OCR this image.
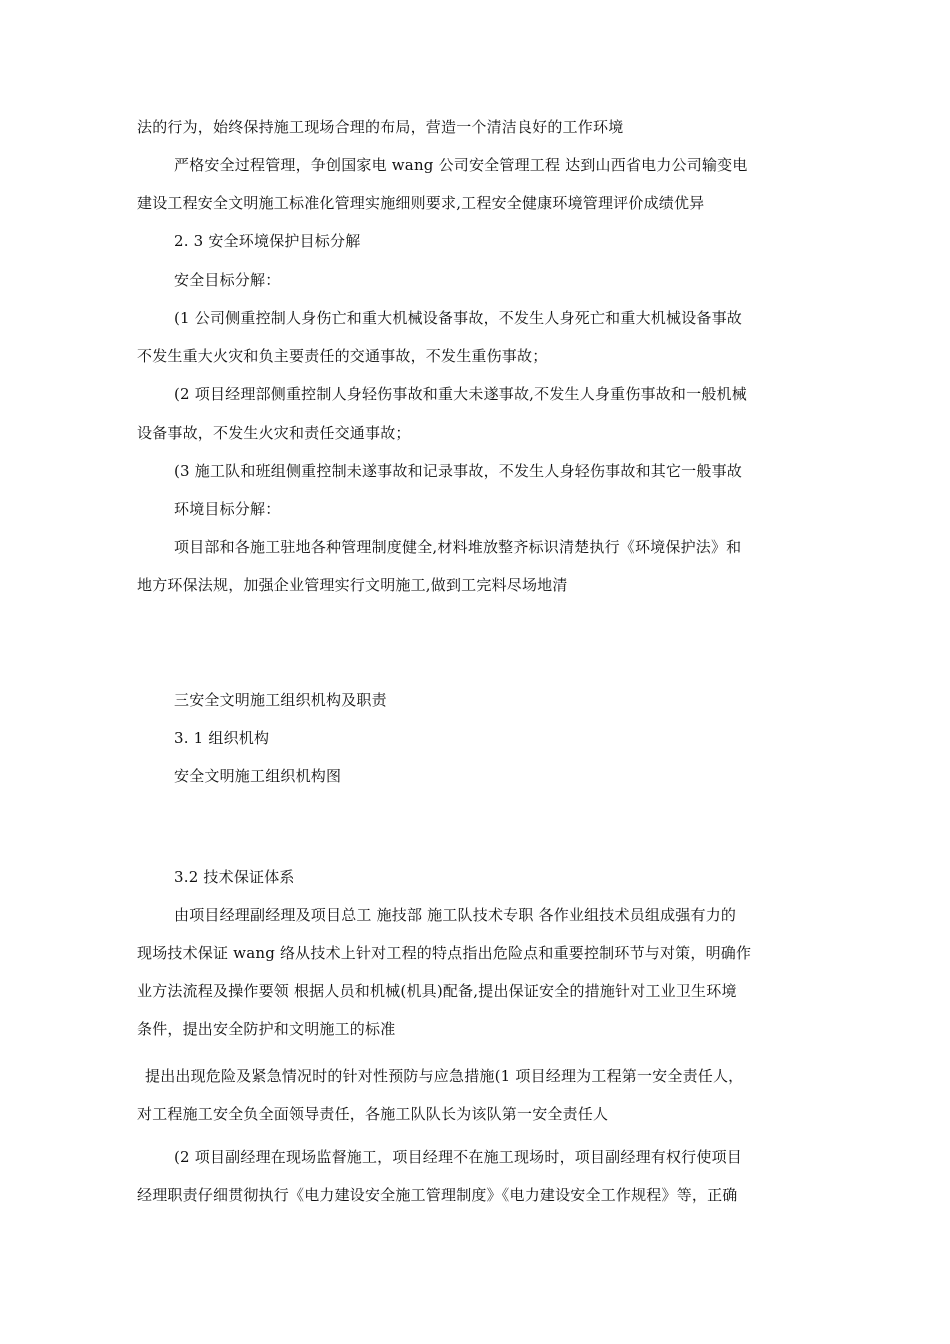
法的行为，始终保持施工现场合理的布局，营造一个清洁良好的工作环境
严格安全过程管理，争创国家电 wang 公司安全管理工程 达到山西省电力公司输变电
建设工程安全文明施工标准化管理实施细则要求,工程安全健康环境管理评价成绩优异
2. 3 安全环境保护目标分解
安全目标分解：
(1 公司侧重控制人身伤亡和重大机械设备事故，不发生人身死亡和重大机械设备事故
不发生重大火灾和负主要责任的交通事故，不发生重伤事故；
(2 项目经理部侧重控制人身轻伤事故和重大未遂事故,不发生人身重伤事故和一般机械
设备事故，不发生火灾和责任交通事故；
(3 施工队和班组侧重控制未遂事故和记录事故，不发生人身轻伤事故和其它一般事故
环境目标分解：
项目部和各施工驻地各种管理制度健全,材料堆放整齐标识清楚执行《环境保护法》和
地方环保法规，加强企业管理实行文明施工,做到工完料尽场地清
三安全文明施工组织机构及职责
3. 1 组织机构
安全文明施工组织机构图
3.2 技术保证体系
由项目经理副经理及项目总工 施技部 施工队技术专职 各作业组技术员组成强有力的
现场技术保证 wang 络从技术上针对工程的特点指出危险点和重要控制环节与对策，明确作
业方法流程及操作要领 根据人员和机械(机具)配备,提出保证安全的措施针对工业卫生环境
条件，提出安全防护和文明施工的标准
提出出现危险及紧急情况时的针对性预防与应急措施(1 项目经理为工程第一安全责任人，
对工程施工安全负全面领导责任，各施工队队长为该队第一安全责任人
(2 项目副经理在现场监督施工，项目经理不在施工现场时，项目副经理有权行使项目
经理职责仔细贯彻执行《电力建设安全施工管理制度》《电力建设安全工作规程》等，正确
